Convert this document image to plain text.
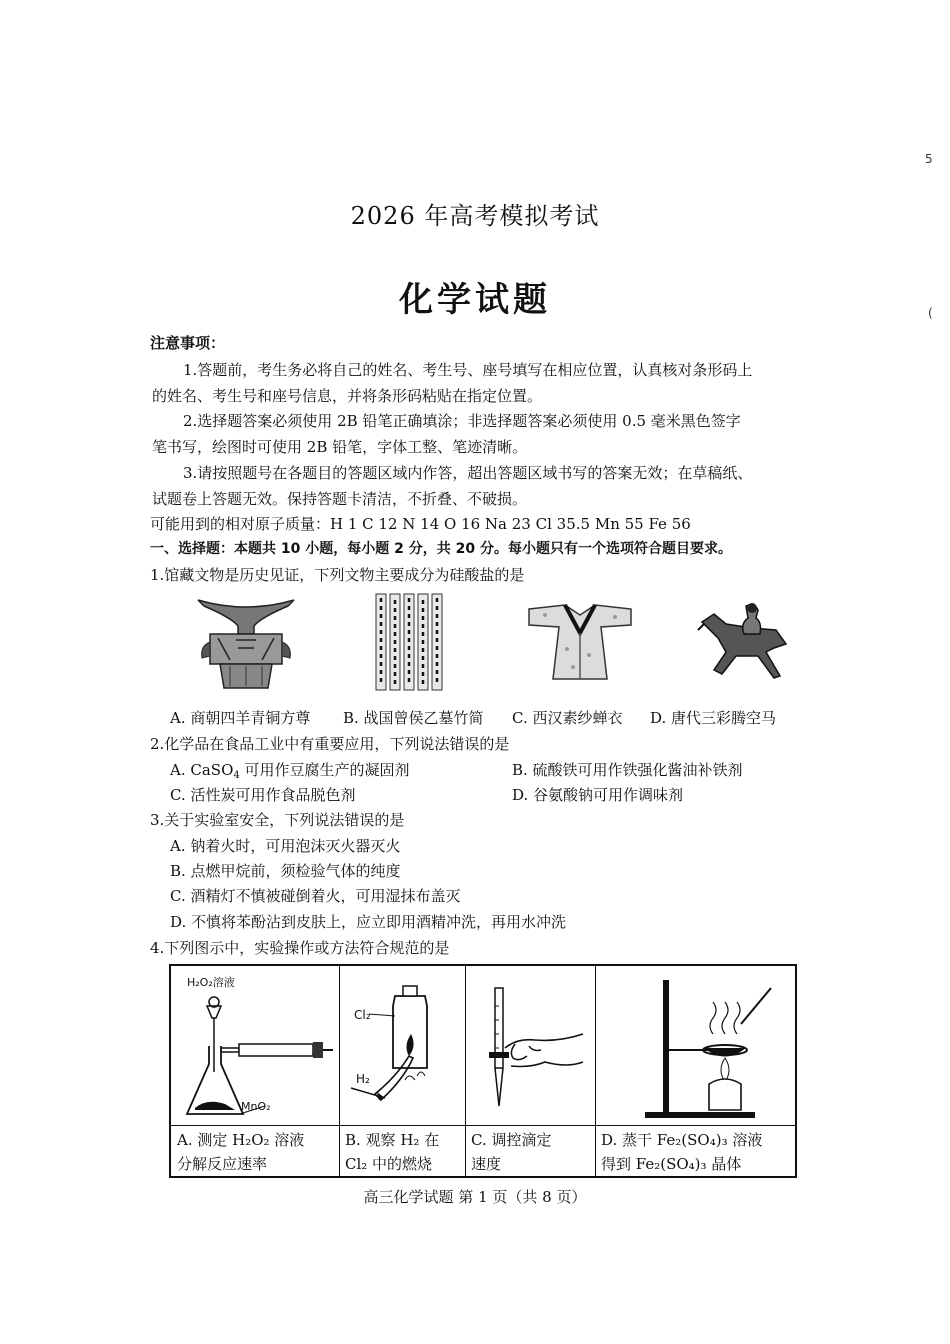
5
(
2026 年高考模拟考试
化学试题
注意事项：
1.答题前，考生务必将自己的姓名、考生号、座号填写在相应位置，认真核对条形码上
的姓名、考生号和座号信息，并将条形码粘贴在指定位置。
2.选择题答案必须使用 2B 铅笔正确填涂；非选择题答案必须使用 0.5 毫米黑色签字
笔书写，绘图时可使用 2B 铅笔，字体工整、笔迹清晰。
3.请按照题号在各题目的答题区域内作答，超出答题区域书写的答案无效；在草稿纸、
试题卷上答题无效。保持答题卡清洁，不折叠、不破损。
可能用到的相对原子质量：H 1 C 12 N 14 O 16 Na 23 Cl 35.5 Mn 55 Fe 56
一、选择题：本题共 10 小题，每小题 2 分，共 20 分。每小题只有一个选项符合题目要求。
1.馆藏文物是历史见证，下列文物主要成分为硅酸盐的是
A. 商朝四羊青铜方尊 B. 战国曾侯乙墓竹简 C. 西汉素纱蝉衣 D. 唐代三彩腾空马
2.化学品在食品工业中有重要应用，下列说法错误的是
A. CaSO$_4$ 可用作豆腐生产的凝固剂	B. 硫酸铁可用作铁强化酱油补铁剂
C. 活性炭可用作食品脱色剂	D. 谷氨酸钠可用作调味剂
3.关于实验室安全，下列说法错误的是
A. 钠着火时，可用泡沫灭火器灭火
B. 点燃甲烷前，须检验气体的纯度
C. 酒精灯不慎被碰倒着火，可用湿抹布盖灭
D. 不慎将苯酚沾到皮肤上，应立即用酒精冲洗，再用水冲洗
4.下列图示中，实验操作或方法符合规范的是
H₂O₂溶液
MnO₂
Cl₂
H₂
A. 测定 H₂O₂ 溶液
分解反应速率
B. 观察 H₂ 在
Cl₂ 中的燃烧
C. 调控滴定
速度
D. 蒸干 Fe₂(SO₄)₃ 溶液
得到 Fe₂(SO₄)₃ 晶体
高三化学试题 第 1 页（共 8 页）
